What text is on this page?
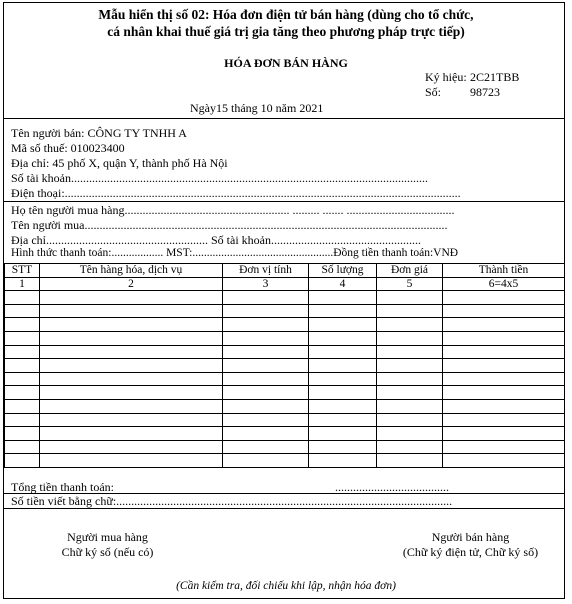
Mẫu hiển thị số 02: Hóa đơn điện tử bán hàng (dùng cho tổ chức,
cá nhân khai thuế giá trị gia tăng theo phương pháp trực tiếp)
HÓA ĐƠN BÁN HÀNG
Ký hiệu: 2C21TBB
Số: 98723
Ngày15 tháng 10 năm 2021
Tên người bán: CÔNG TY TNHH A
Mã số thuế: 010023400
Địa chỉ: 45 phố X, quận Y, thành phố Hà Nội
Số tài khoản.......................................................................................................................
Điện thoại:....................................................................................................................................
Họ tên người mua hàng....................................................... ......... ....... ....................................
Tên người mua.........................................................................................................................
Địa chỉ...................................................... Số tài khoản..................................................
Hình thức thanh toán:.................. MST:.................................................Đồng tiền thanh toán:VNĐ
STT	Tên hàng hóa, dịch vụ	Đơn vị tính	Số lượng	Đơn giá	Thành tiền
1	2	3	4	5	6=4x5

Tổng tiền thanh toán:	......................................
Số tiền viết bằng chữ:................................................................................................................
Người mua hàng
Chữ ký số (nếu có)
Người bán hàng
(Chữ ký điện tử, Chữ ký số)
(Cần kiểm tra, đối chiếu khi lập, nhận hóa đơn)
